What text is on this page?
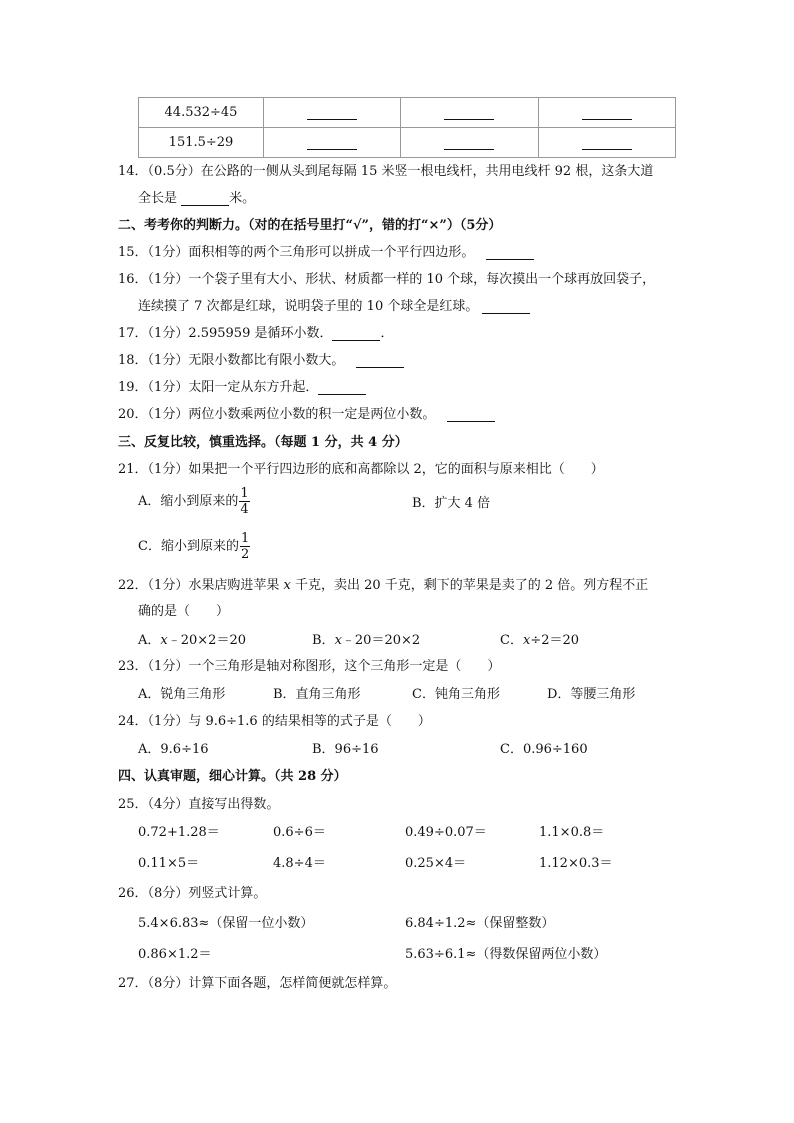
44.532÷45			
151.5÷29			
14．（0.5分）在公路的一侧从头到尾每隔 15 米竖一根电线杆，共用电线杆 92 根，这条大道
全长是	米。
二、考考你的判断力。（对的在括号里打“√”，错的打“×”）（5分）
15．（1分）面积相等的两个三角形可以拼成一个平行四边形。
16．（1分）一个袋子里有大小、形状、材质都一样的 10 个球，每次摸出一个球再放回袋子，
连续摸了 7 次都是红球，说明袋子里的 10 个球全是红球。
17．（1分）2.595959 是循环小数．	．
18．（1分）无限小数都比有限小数大。
19．（1分）太阳一定从东方升起．
20．（1分）两位小数乘两位小数的积一定是两位小数。
三、反复比较，慎重选择。（每题 1 分，共 4 分）
21．（1分）如果把一个平行四边形的底和高都除以 2，它的面积与原来相比（　　）
A．缩小到原来的 $\frac{1}{4}$	B．扩大 4 倍
C．缩小到原来的 $\frac{1}{2}$
22．（1分）水果店购进苹果 x 千克，卖出 20 千克，剩下的苹果是卖了的 2 倍。列方程不正
确的是（　　）
A．x﹣20×2＝20	B．x﹣20＝20×2	C．x÷2＝20
23．（1分）一个三角形是轴对称图形，这个三角形一定是（　　）
A．锐角三角形	B．直角三角形	C．钝角三角形	D．等腰三角形
24．（1分）与 9.6÷1.6 的结果相等的式子是（　　）
A．9.6÷16	B．96÷16	C．0.96÷160
四、认真审题，细心计算。（共 28 分）
25．（4分）直接写出得数。
0.72+1.28＝	0.6÷6＝	0.49÷0.07＝	1.1×0.8＝
0.11×5＝	4.8÷4＝	0.25×4＝	1.12×0.3＝
26．（8分）列竖式计算。
5.4×6.83≈（保留一位小数）	6.84÷1.2≈（保留整数）
0.86×1.2＝	5.63÷6.1≈（得数保留两位小数）
27．（8分）计算下面各题，怎样简便就怎样算。
